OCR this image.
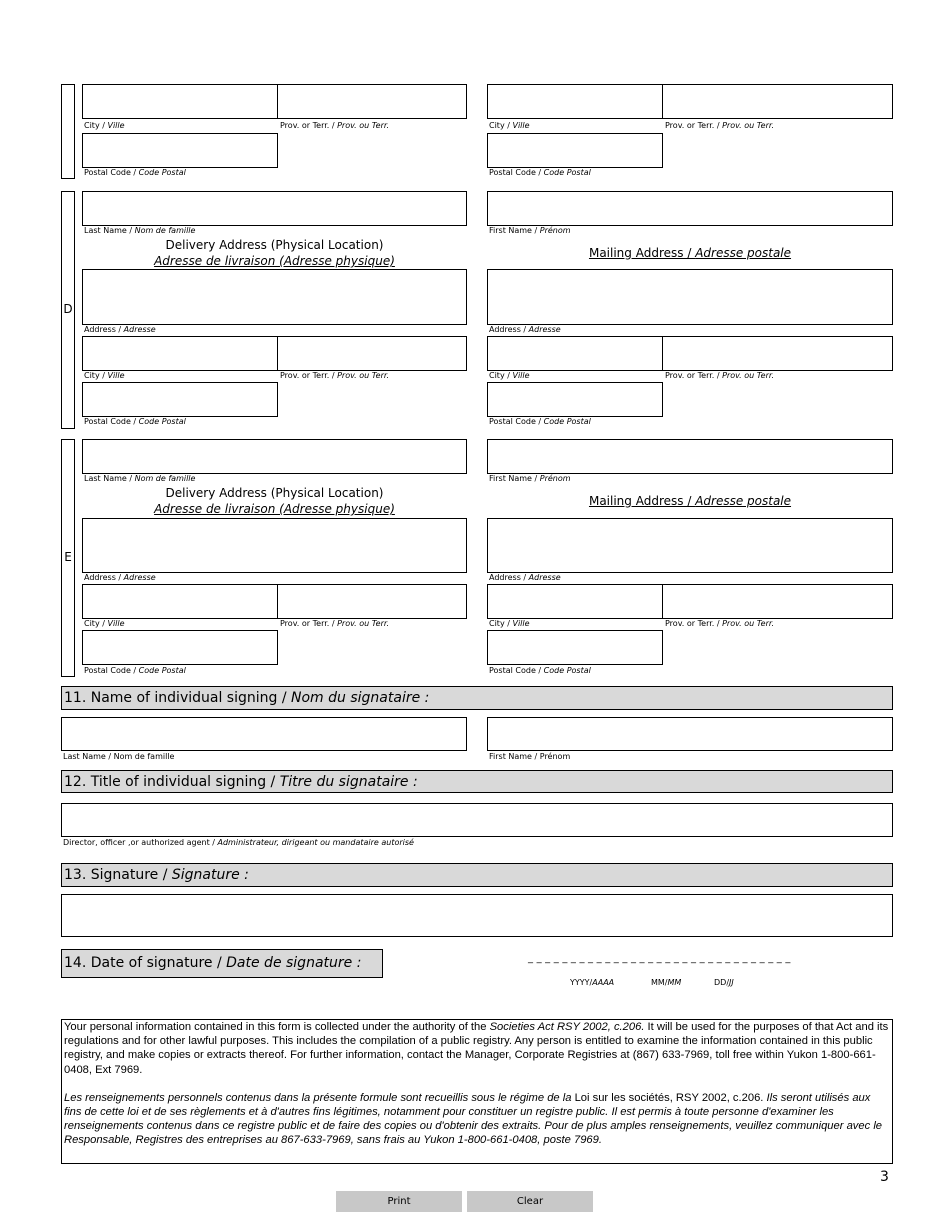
City / Ville	Prov. or Terr. / Prov. ou Terr.
Postal Code / Code Postal
City / Ville	Prov. or Terr. / Prov. ou Terr.
Postal Code / Code Postal
D
Last Name / Nom de famille	First Name / Prénom
Delivery Address (Physical Location)
Adresse de livraison (Adresse physique)
Mailing Address / Adresse postale
Address / Adresse	Address / Adresse
City / Ville	Prov. or Terr. / Prov. ou Terr.
Postal Code / Code Postal
City / Ville	Prov. or Terr. / Prov. ou Terr.
Postal Code / Code Postal
E
Last Name / Nom de famille	First Name / Prénom
Delivery Address (Physical Location)
Adresse de livraison (Adresse physique)
Mailing Address / Adresse postale
Address / Adresse	Address / Adresse
City / Ville	Prov. or Terr. / Prov. ou Terr.
Postal Code / Code Postal
City / Ville	Prov. or Terr. / Prov. ou Terr.
Postal Code / Code Postal
11. Name of individual signing / Nom du signataire :
Last Name / Nom de famille	First Name / Prénom
12. Title of individual signing / Titre du signataire :
Director, officer ,or authorized agent / Administrateur, dirigeant ou mandataire autorisé
13. Signature / Signature :
14. Date of signature / Date de signature :	_ _ _ _ _ _ _ _ _ _ _ _ _ _ _ _ _ _ _ _ _ _ _ _ _ _ _ _ _ _ _
YYYY/AAAA	MM/MM	DD/JJ

Your personal information contained in this form is collected under the authority of the Societies Act RSY 2002, c.206. It will be used for the purposes of that Act and its regulations and for other lawful purposes. This includes the compilation of a public registry. Any person is entitled to examine the information contained in this public registry, and make copies or extracts thereof. For further information, contact the Manager, Corporate Registries at (867) 633-7969, toll free within Yukon 1-800-661-0408, Ext 7969.

Les renseignements personnels contenus dans la présente formule sont recueillis sous le régime de la Loi sur les sociétés, RSY 2002, c.206. Ils seront utilisés aux fins de cette loi et de ses règlements et à d'autres fins légitimes, notamment pour constituer un registre public. Il est permis à toute personne d'examiner les renseignements contenus dans ce registre public et de faire des copies ou d'obtenir des extraits. Pour de plus amples renseignements, veuillez communiquer avec le Responsable, Registres des entreprises au 867-633-7969, sans frais au Yukon 1-800-661-0408, poste 7969.

3
Print	Clear
